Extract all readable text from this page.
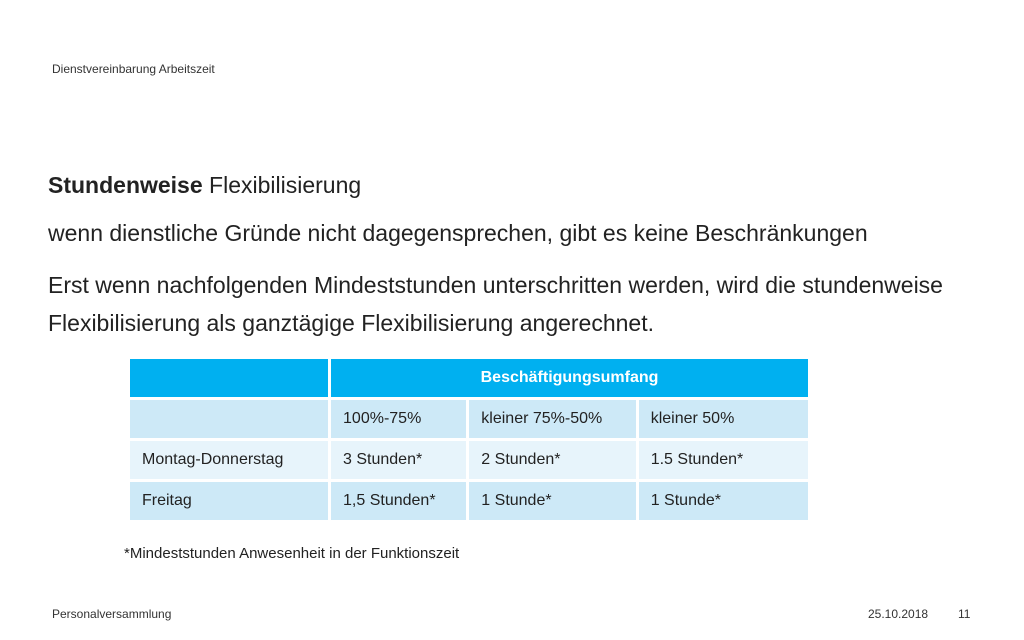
Dienstvereinbarung Arbeitszeit
Stundenweise Flexibilisierung
wenn dienstliche Gründe nicht dagegensprechen, gibt es keine Beschränkungen
Erst wenn nachfolgenden Mindeststunden unterschritten werden, wird die stundenweise Flexibilisierung als ganztägige Flexibilisierung angerechnet.
	Beschäftigungsumfang		
	100%-75%	kleiner 75%-50%	kleiner 50%
Montag-Donnerstag	3 Stunden*	2 Stunden*	1.5 Stunden*
Freitag	1,5 Stunden*	1 Stunde*	1 Stunde*
*Mindeststunden Anwesenheit in der Funktionszeit
Personalversammlung	25.10.2018 11
